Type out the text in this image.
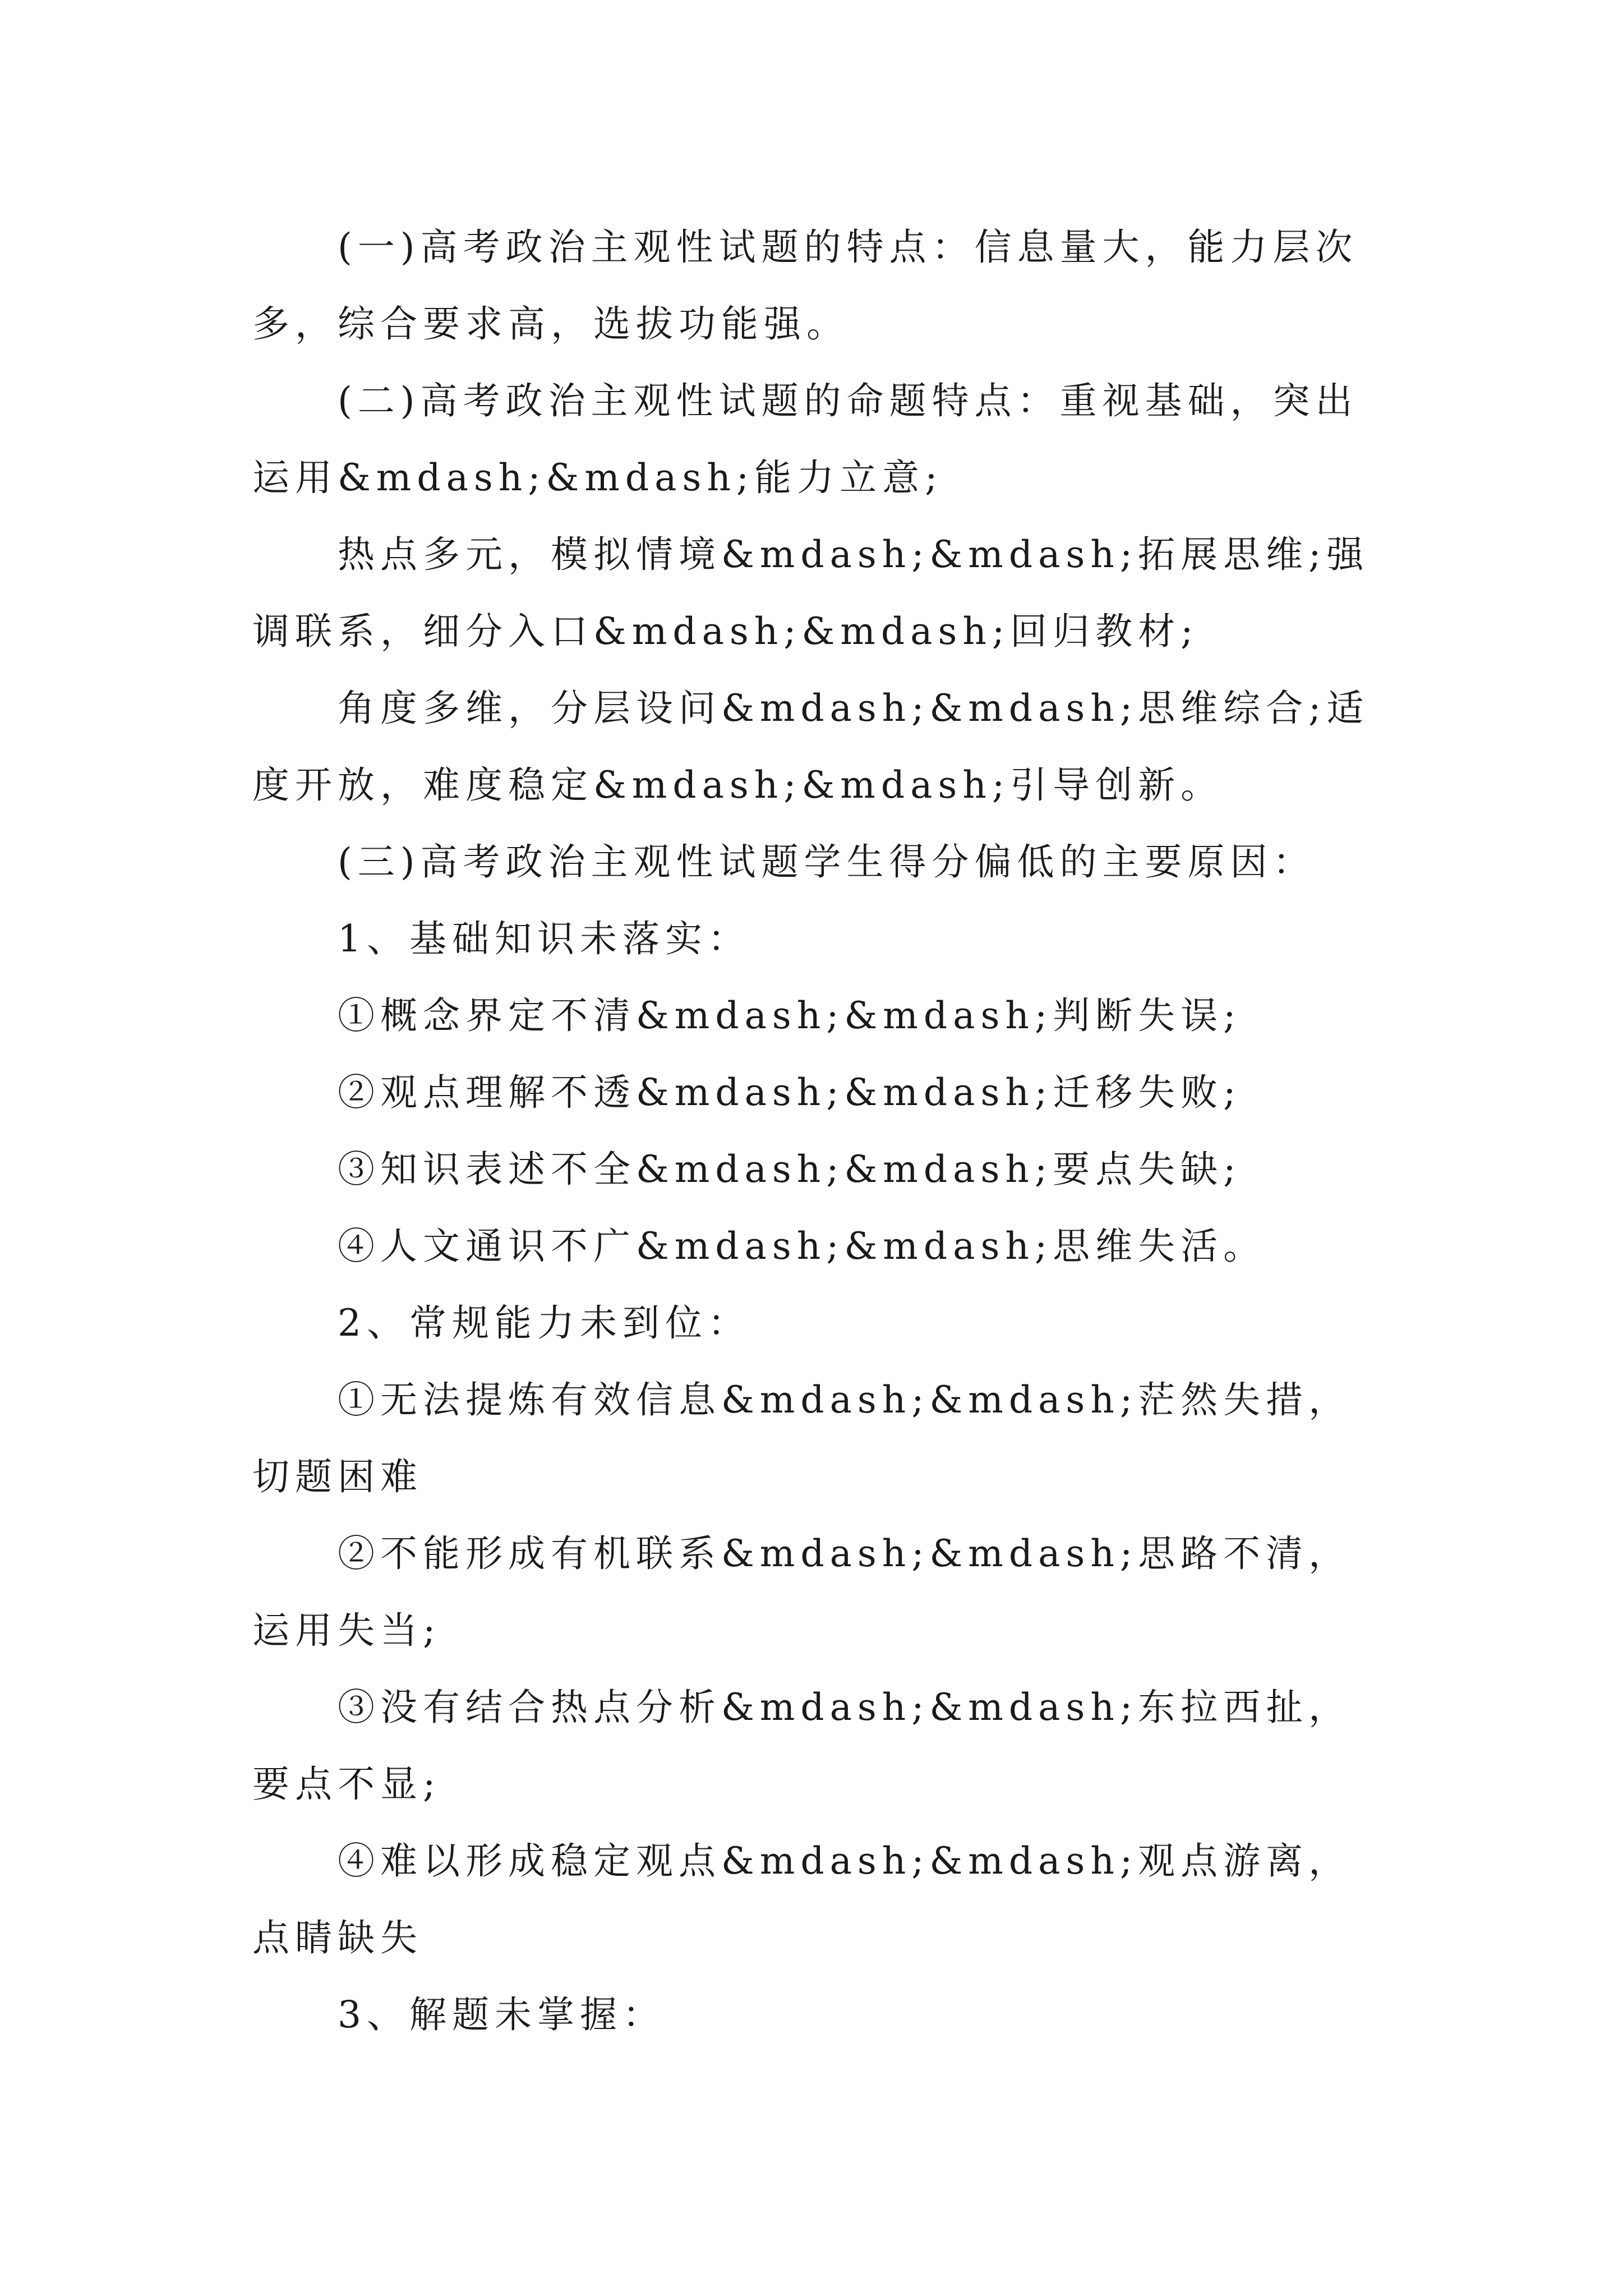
(一)高考政治主观性试题的特点：信息量大，能力层次多，综合要求高，选拔功能强。

(二)高考政治主观性试题的命题特点：重视基础，突出运用&mdash;&mdash;能力立意;

热点多元，模拟情境&mdash;&mdash;拓展思维;强调联系，细分入口&mdash;&mdash;回归教材;

角度多维，分层设问&mdash;&mdash;思维综合;适度开放，难度稳定&mdash;&mdash;引导创新。

(三)高考政治主观性试题学生得分偏低的主要原因：

1、基础知识未落实：

①概念界定不清&mdash;&mdash;判断失误;

②观点理解不透&mdash;&mdash;迁移失败;

③知识表述不全&mdash;&mdash;要点失缺;

④人文通识不广&mdash;&mdash;思维失活。

2、常规能力未到位：

①无法提炼有效信息&mdash;&mdash;茫然失措，切题困难

②不能形成有机联系&mdash;&mdash;思路不清，运用失当;

③没有结合热点分析&mdash;&mdash;东拉西扯，要点不显;

④难以形成稳定观点&mdash;&mdash;观点游离，点睛缺失

3、解题未掌握：
